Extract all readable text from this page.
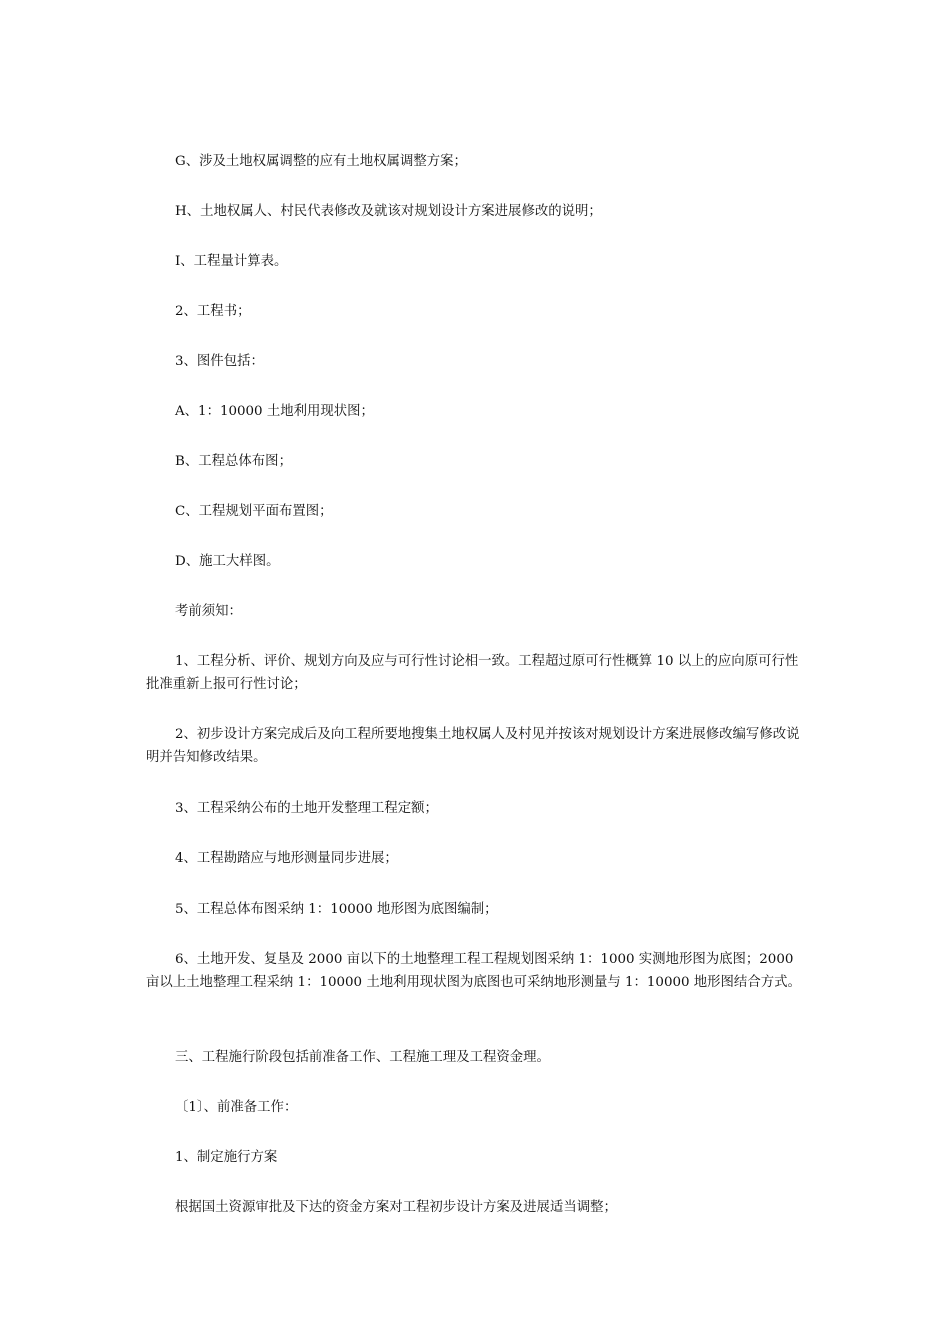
G、涉及土地权属调整的应有土地权属调整方案；

H、土地权属人、村民代表修改及就该对规划设计方案进展修改的说明；

I、工程量计算表。

2、工程书；

3、图件包括：

A、1：10000 土地利用现状图；

B、工程总体布图；

C、工程规划平面布置图；

D、施工大样图。

考前须知：

1、工程分析、评价、规划方向及应与可行性讨论相一致。工程超过原可行性概算 10 以上的应向原可行性批准重新上报可行性讨论；

2、初步设计方案完成后及向工程所要地搜集土地权属人及村见并按该对规划设计方案进展修改编写修改说明并告知修改结果。

3、工程采纳公布的土地开发整理工程定额；

4、工程勘踏应与地形测量同步进展；

5、工程总体布图采纳 1：10000 地形图为底图编制；

6、土地开发、复垦及 2000 亩以下的土地整理工程工程规划图采纳 1：1000 实测地形图为底图；2000 亩以上土地整理工程采纳 1：10000 土地利用现状图为底图也可采纳地形测量与 1：10000 地形图结合方式。

三、工程施行阶段包括前准备工作、工程施工理及工程资金理。

〔1〕、前准备工作：

1、制定施行方案

根据国土资源审批及下达的资金方案对工程初步设计方案及进展适当调整；
